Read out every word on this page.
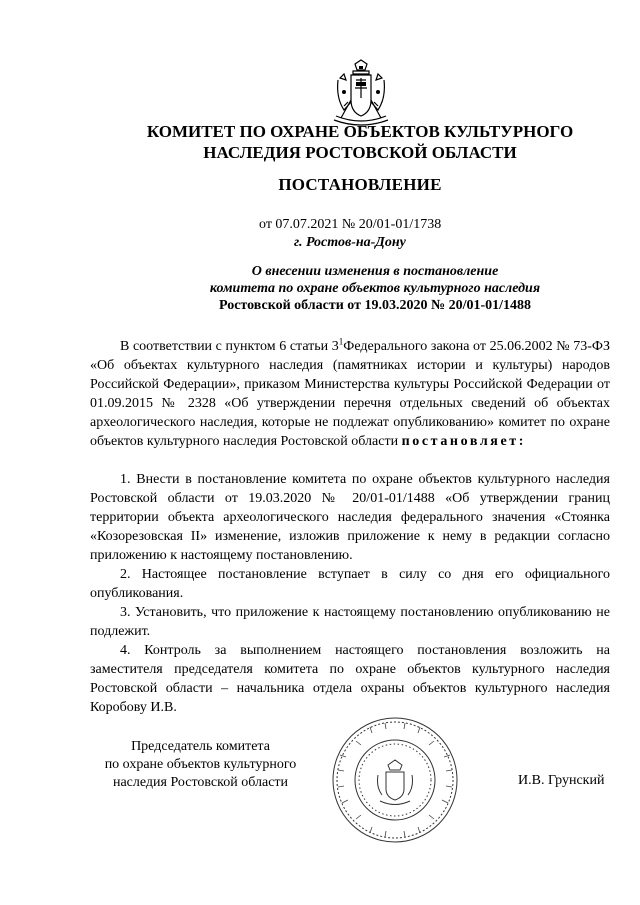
КОМИТЕТ ПО ОХРАНЕ ОБЪЕКТОВ КУЛЬТУРНОГО
НАСЛЕДИЯ РОСТОВСКОЙ ОБЛАСТИ
ПОСТАНОВЛЕНИЕ
от 07.07.2021 № 20/01-01/1738
г. Ростов-на-Дону
О внесении изменения в постановление
комитета по охране объектов культурного наследия
Ростовской области от 19.03.2020 № 20/01-01/1488

В соответствии с пунктом 6 статьи $3^1Федерального$ закона от 25.06.2002 № 73-ФЗ «Об объектах культурного наследия (памятниках истории и культуры) народов Российской Федерации», приказом Министерства культуры Российской Федерации от 01.09.2015 № 2328 «Об утверждении перечня отдельных сведений об объектах археологического наследия, которые не подлежат опубликованию» комитет по охране объектов культурного наследия Ростовской области постановляет:

1. Внести в постановление комитета по охране объектов культурного наследия Ростовской области от 19.03.2020 № 20/01-01/1488 «Об утверждении границ территории объекта археологического наследия федерального значения «Стоянка «Козорезовская II» изменение, изложив приложение к нему в редакции согласно приложению к настоящему постановлению.

2. Настоящее постановление вступает в силу со дня его официального опубликования.

3. Установить, что приложение к настоящему постановлению опубликованию не подлежит.

4. Контроль за выполнением настоящего постановления возложить на заместителя председателя комитета по охране объектов культурного наследия Ростовской области – начальника отдела охраны объектов культурного наследия Коробову И.В.

Председатель комитета
по охране объектов культурного
наследия Ростовской области	И.В. Грунский
